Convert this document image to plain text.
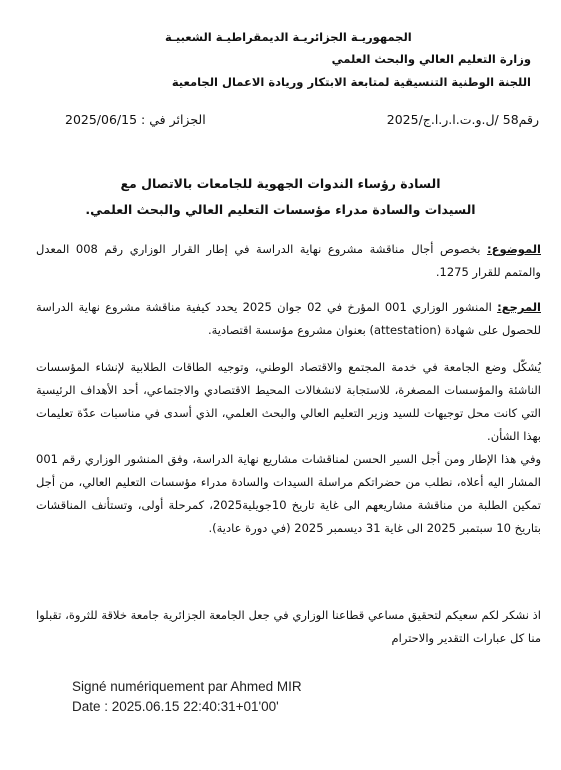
الجمهوريـة الجزائريـة الديمقراطيـة الشعبيـة
وزارة التعليم العالي والبحث العلمي
اللجنة الوطنية التنسيقية لمتابعة الابتكار وريادة الاعمال الجامعية
رقم58 /ل.و.ت.ا.ر.ا.ج/2025
الجزائر في : 2025/06/15
السادة رؤساء الندوات الجهوية للجامعات بالاتصال مع
السيدات والسادة مدراء مؤسسات التعليم العالي والبحث العلمي.
الموضوع: بخصوص أجال مناقشة مشروع نهاية الدراسة في إطار القرار الوزاري رقم 008 المعدل والمتمم للقرار 1275.
المرجع: المنشور الوزاري 001 المؤرخ في 02 جوان 2025 يحدد كيفية مناقشة مشروع نهاية الدراسة للحصول على شهادة (attestation) بعنوان مشروع مؤسسة اقتصادية.
يُشكّل وضع الجامعة في خدمة المجتمع والاقتصاد الوطني، وتوجيه الطاقات الطلابية لإنشاء المؤسسات الناشئة والمؤسسات المصغرة، للاستجابة لانشغالات المحيط الاقتصادي والاجتماعي، أحد الأهداف الرئيسية التي كانت محل توجيهات للسيد وزير التعليم العالي والبحث العلمي، الذي أسدى في مناسبات عدّة تعليمات بهذا الشأن.
وفي هذا الإطار ومن أجل السير الحسن لمناقشات مشاريع نهاية الدراسة، وفق المنشور الوزاري رقم 001 المشار اليه أعلاه، نطلب من حضراتكم مراسلة السيدات والسادة مدراء مؤسسات التعليم العالي، من أجل تمكين الطلبة من مناقشة مشاريعهم الى غاية تاريخ 10جويلية2025، كمرحلة أولى، وتستأنف المناقشات بتاريخ 10 سبتمبر 2025 الى غاية 31 ديسمبر 2025 (في دورة عادية).
اذ نشكر لكم سعيكم لتحقيق مساعي قطاعنا الوزاري في جعل الجامعة الجزائرية جامعة خلاقة للثروة، تقبلوا منا كل عبارات التقدير والاحترام
Signé numériquement par Ahmed MIR
Date : 2025.06.15 22:40:31+01'00'
